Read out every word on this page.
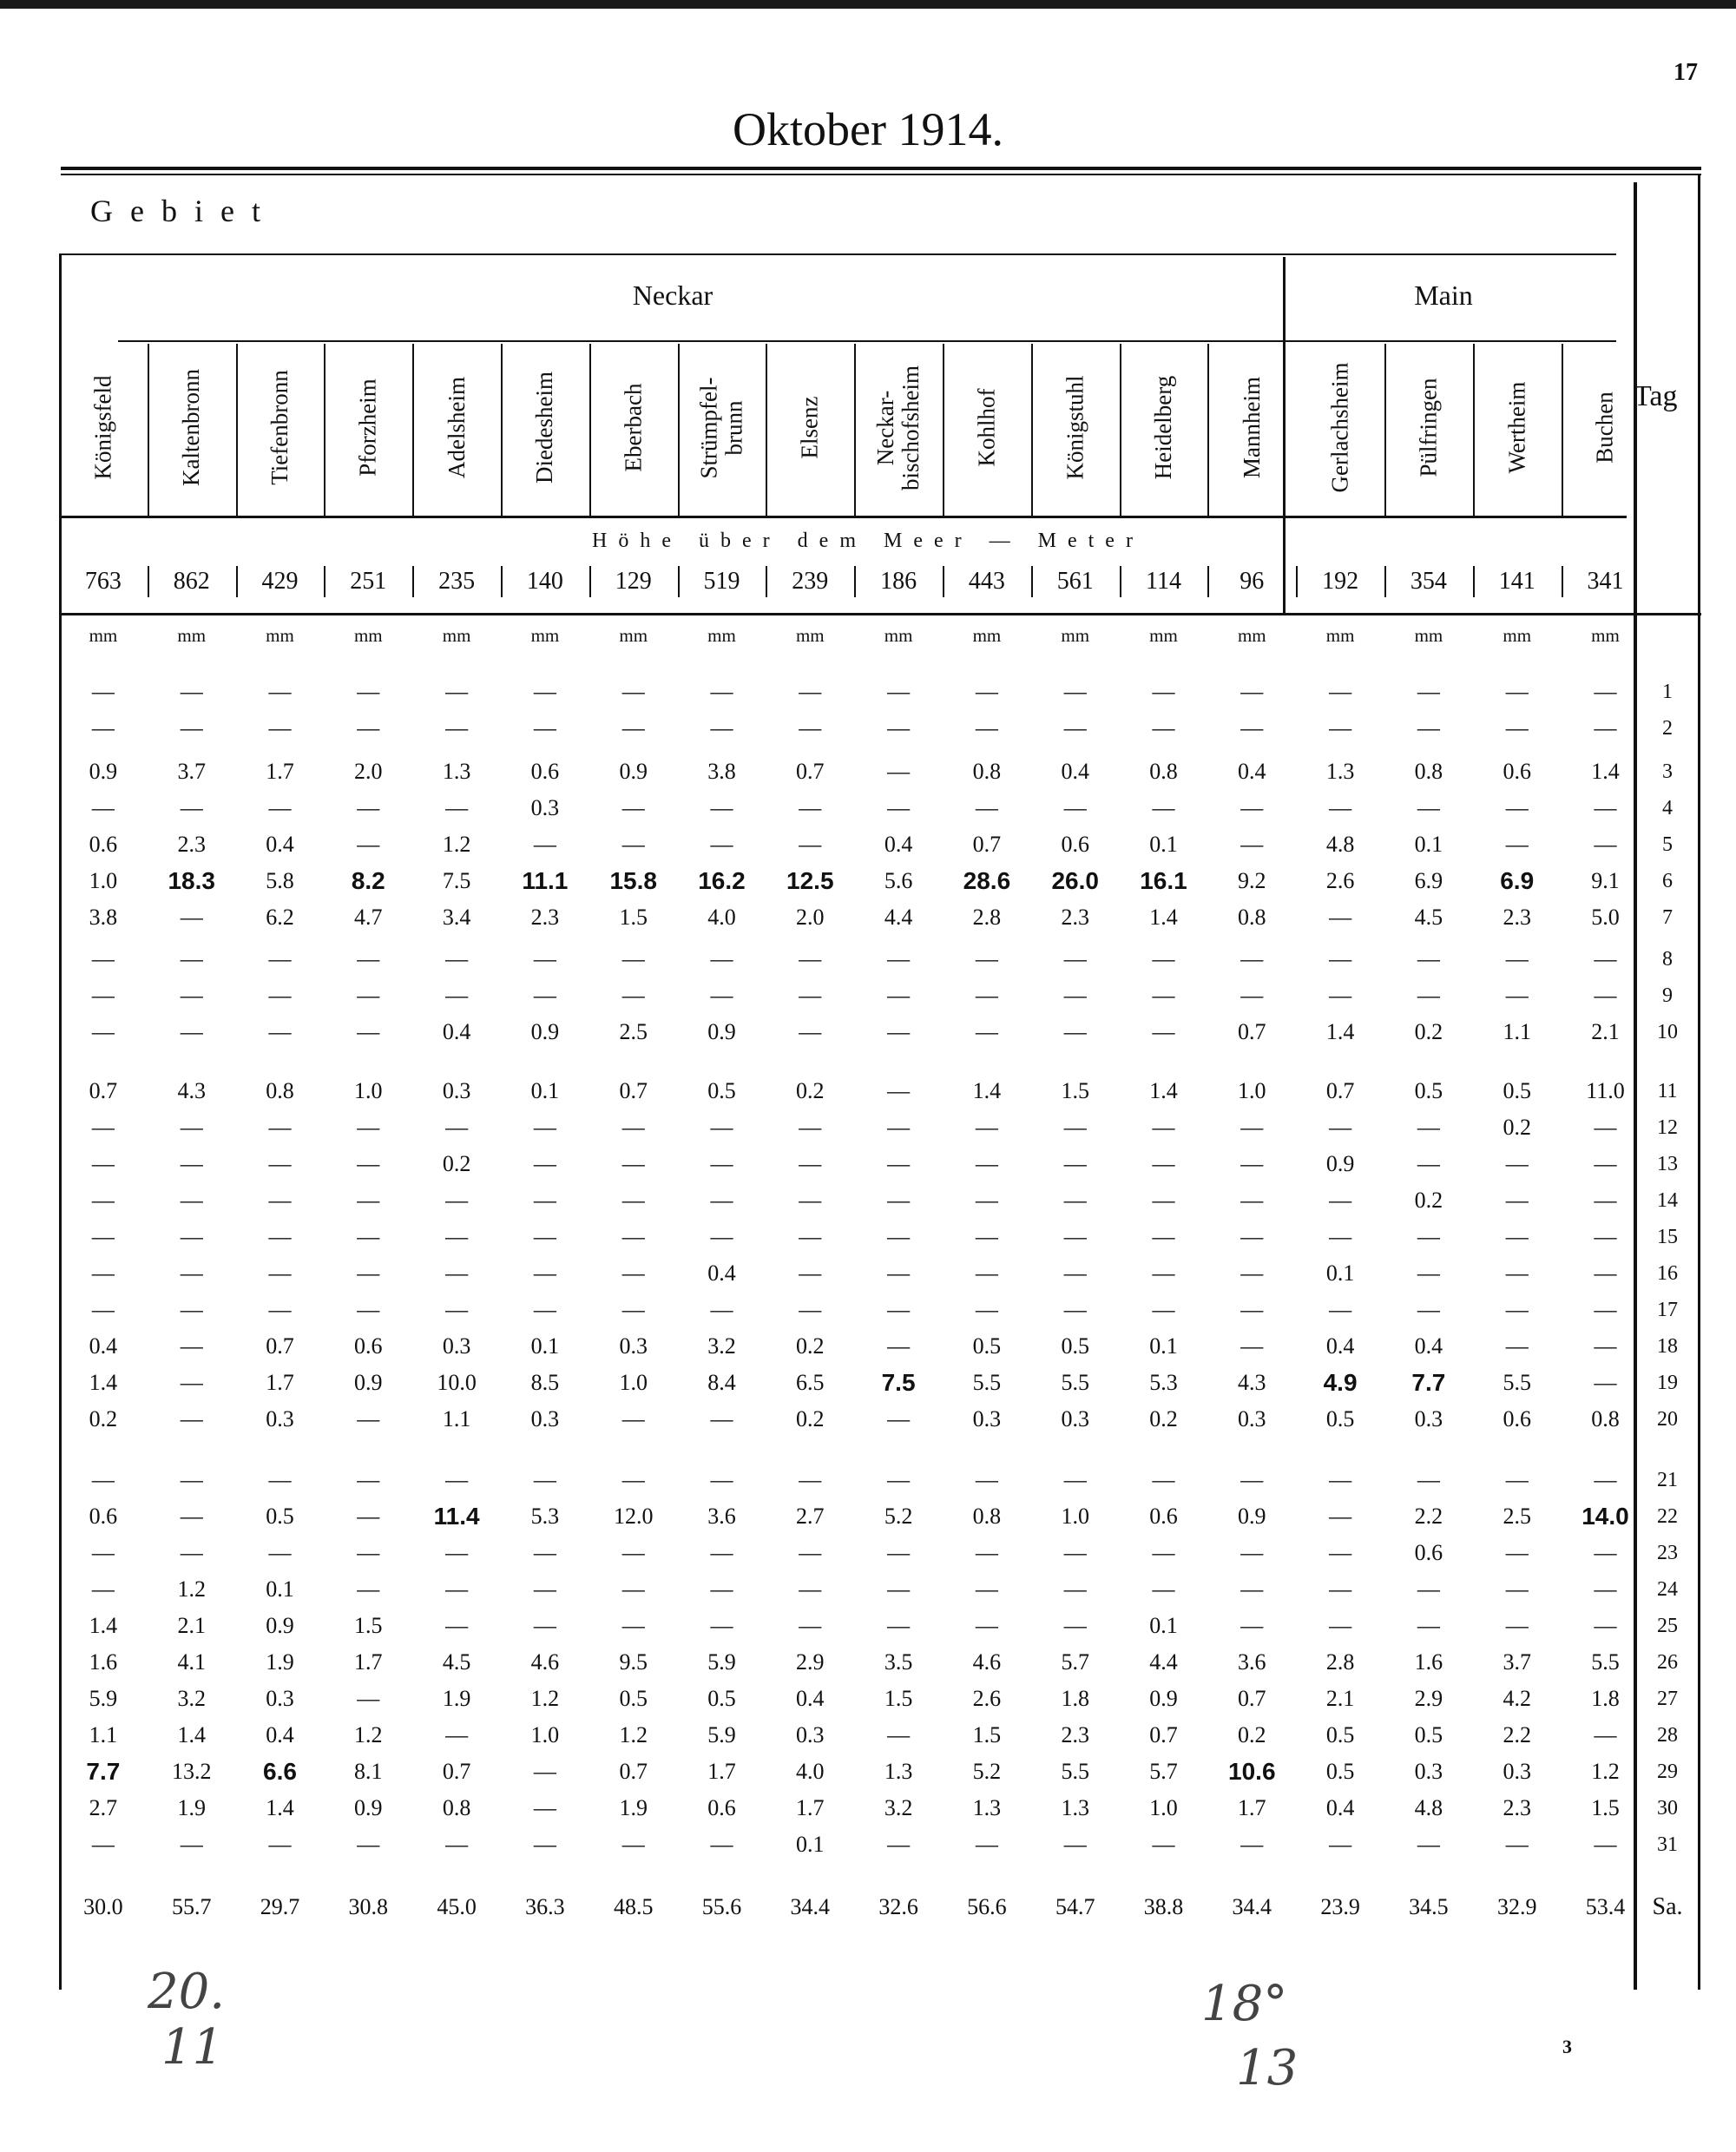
17
Oktober 1914.
Gebiet
Neckar	Main
Tag
Höhe über dem Meer — Meter
Königsfeld
763
mm
Kaltenbronn
862
mm
Tiefenbronn
429
mm
Pforzheim
251
mm
Adelsheim
235
mm
Diedesheim
140
mm
Eberbach
129
mm
Strümpfel-
brunn
519
mm
Elsenz
239
mm
Neckar-
bischofsheim
186
mm
Kohlhof
443
mm
Königstuhl
561
mm
Heidelberg
114
mm
Mannheim
96
mm
Gerlachsheim
192
mm
Pülfringen
354
mm
Wertheim
141
mm
Buchen
341
mm
—	—	—	—	—	—	—	—	—	—	—	—	—	—	—	—	—	—	1
—	—	—	—	—	—	—	—	—	—	—	—	—	—	—	—	—	—	2
0.9	3.7	1.7	2.0	1.3	0.6	0.9	3.8	0.7	—	0.8	0.4	0.8	0.4	1.3	0.8	0.6	1.4	3
—	—	—	—	—	0.3	—	—	—	—	—	—	—	—	—	—	—	—	4
0.6	2.3	0.4	—	1.2	—	—	—	—	0.4	0.7	0.6	0.1	—	4.8	0.1	—	—	5
1.0	18.3	5.8	8.2	7.5	11.1	15.8	16.2	12.5	5.6	28.6	26.0	16.1	9.2	2.6	6.9	6.9	9.1	6
3.8	—	6.2	4.7	3.4	2.3	1.5	4.0	2.0	4.4	2.8	2.3	1.4	0.8	—	4.5	2.3	5.0	7
—	—	—	—	—	—	—	—	—	—	—	—	—	—	—	—	—	—	8
—	—	—	—	—	—	—	—	—	—	—	—	—	—	—	—	—	—	9
—	—	—	—	0.4	0.9	2.5	0.9	—	—	—	—	—	0.7	1.4	0.2	1.1	2.1	10
0.7	4.3	0.8	1.0	0.3	0.1	0.7	0.5	0.2	—	1.4	1.5	1.4	1.0	0.7	0.5	0.5	11.0	11
—	—	—	—	—	—	—	—	—	—	—	—	—	—	—	—	0.2	—	12
—	—	—	—	0.2	—	—	—	—	—	—	—	—	—	0.9	—	—	—	13
—	—	—	—	—	—	—	—	—	—	—	—	—	—	—	0.2	—	—	14
—	—	—	—	—	—	—	—	—	—	—	—	—	—	—	—	—	—	15
—	—	—	—	—	—	—	0.4	—	—	—	—	—	—	0.1	—	—	—	16
—	—	—	—	—	—	—	—	—	—	—	—	—	—	—	—	—	—	17
0.4	—	0.7	0.6	0.3	0.1	0.3	3.2	0.2	—	0.5	0.5	0.1	—	0.4	0.4	—	—	18
1.4	—	1.7	0.9	10.0	8.5	1.0	8.4	6.5	7.5	5.5	5.5	5.3	4.3	4.9	7.7	5.5	—	19
0.2	—	0.3	—	1.1	0.3	—	—	0.2	—	0.3	0.3	0.2	0.3	0.5	0.3	0.6	0.8	20
—	—	—	—	—	—	—	—	—	—	—	—	—	—	—	—	—	—	21
0.6	—	0.5	—	11.4	5.3	12.0	3.6	2.7	5.2	0.8	1.0	0.6	0.9	—	2.2	2.5	14.0	22
—	—	—	—	—	—	—	—	—	—	—	—	—	—	—	0.6	—	—	23
—	1.2	0.1	—	—	—	—	—	—	—	—	—	—	—	—	—	—	—	24
1.4	2.1	0.9	1.5	—	—	—	—	—	—	—	—	0.1	—	—	—	—	—	25
1.6	4.1	1.9	1.7	4.5	4.6	9.5	5.9	2.9	3.5	4.6	5.7	4.4	3.6	2.8	1.6	3.7	5.5	26
5.9	3.2	0.3	—	1.9	1.2	0.5	0.5	0.4	1.5	2.6	1.8	0.9	0.7	2.1	2.9	4.2	1.8	27
1.1	1.4	0.4	1.2	—	1.0	1.2	5.9	0.3	—	1.5	2.3	0.7	0.2	0.5	0.5	2.2	—	28
7.7	13.2	6.6	8.1	0.7	—	0.7	1.7	4.0	1.3	5.2	5.5	5.7	10.6	0.5	0.3	0.3	1.2	29
2.7	1.9	1.4	0.9	0.8	—	1.9	0.6	1.7	3.2	1.3	1.3	1.0	1.7	0.4	4.8	2.3	1.5	30
—	—	—	—	—	—	—	—	0.1	—	—	—	—	—	—	—	—	—	31
30.0	55.7	29.7	30.8	45.0	36.3	48.5	55.6	34.4	32.6	56.6	54.7	38.8	34.4	23.9	34.5	32.9	53.4	Sa.
3
20.
11
18°
13
